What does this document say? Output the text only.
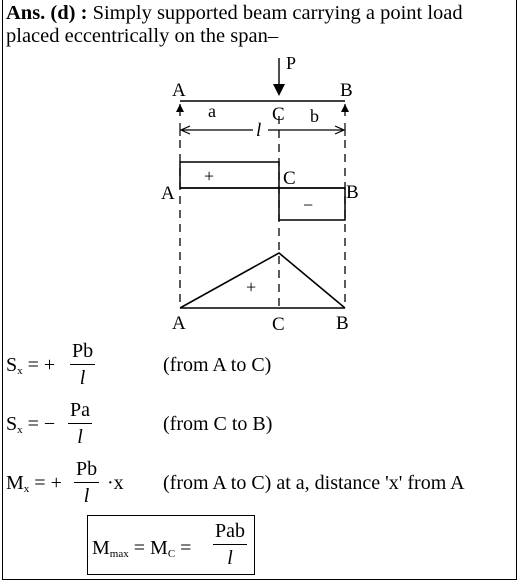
Ans. (d) : Simply supported beam carrying a point load placed eccentrically on the span–
P
A	B
C
a	b
l
+
−
A
C
B
+
A	C	B
$S_x$ = +
Pb
l
(from A to C)
$S_x$ = −
Pa
l
(from C to B)
$M_x$ = +
Pb
l
·x (from A to C) at a, distance 'x' from A
$M_{max} = M_C$ =
Pab
l
